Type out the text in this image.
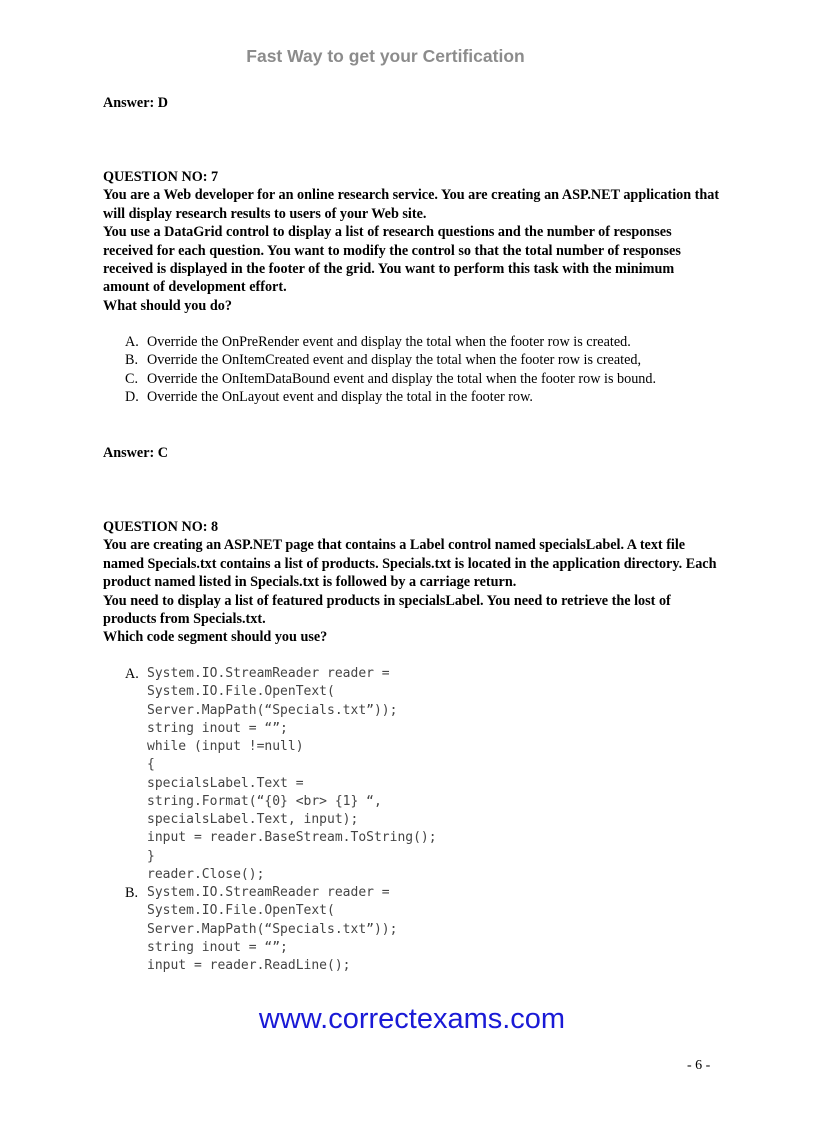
Fast Way to get your Certification
Answer: D

QUESTION NO: 7

You are a Web developer for an online research service. You are creating an ASP.NET application that will display research results to users of your Web site.

You use a DataGrid control to display a list of research questions and the number of responses received for each question. You want to modify the control so that the total number of responses received is displayed in the footer of the grid. You want to perform this task with the minimum amount of development effort.

What should you do?

A. Override the OnPreRender event and display the total when the footer row is created.
B. Override the OnItemCreated event and display the total when the footer row is created,
C. Override the OnItemDataBound event and display the total when the footer row is bound.
D. Override the OnLayout event and display the total in the footer row.
Answer: C

QUESTION NO: 8

You are creating an ASP.NET page that contains a Label control named specialsLabel. A text file named Specials.txt contains a list of products. Specials.txt is located in the application directory. Each product named listed in Specials.txt is followed by a carriage return.

You need to display a list of featured products in specialsLabel. You need to retrieve the lost of products from Specials.txt.

Which code segment should you use?

A. System.IO.StreamReader reader =
System.IO.File.OpenText(
Server.MapPath(“Specials.txt”));
string inout = “”;
while (input !=null)
{
specialsLabel.Text =
string.Format(“{0} <br> {1} “,
specialsLabel.Text, input);
input = reader.BaseStream.ToString();
}
reader.Close();
B. System.IO.StreamReader reader =
System.IO.File.OpenText(
Server.MapPath(“Specials.txt”));
string inout = “”;
input = reader.ReadLine();
www.correctexams.com
- 6 -
